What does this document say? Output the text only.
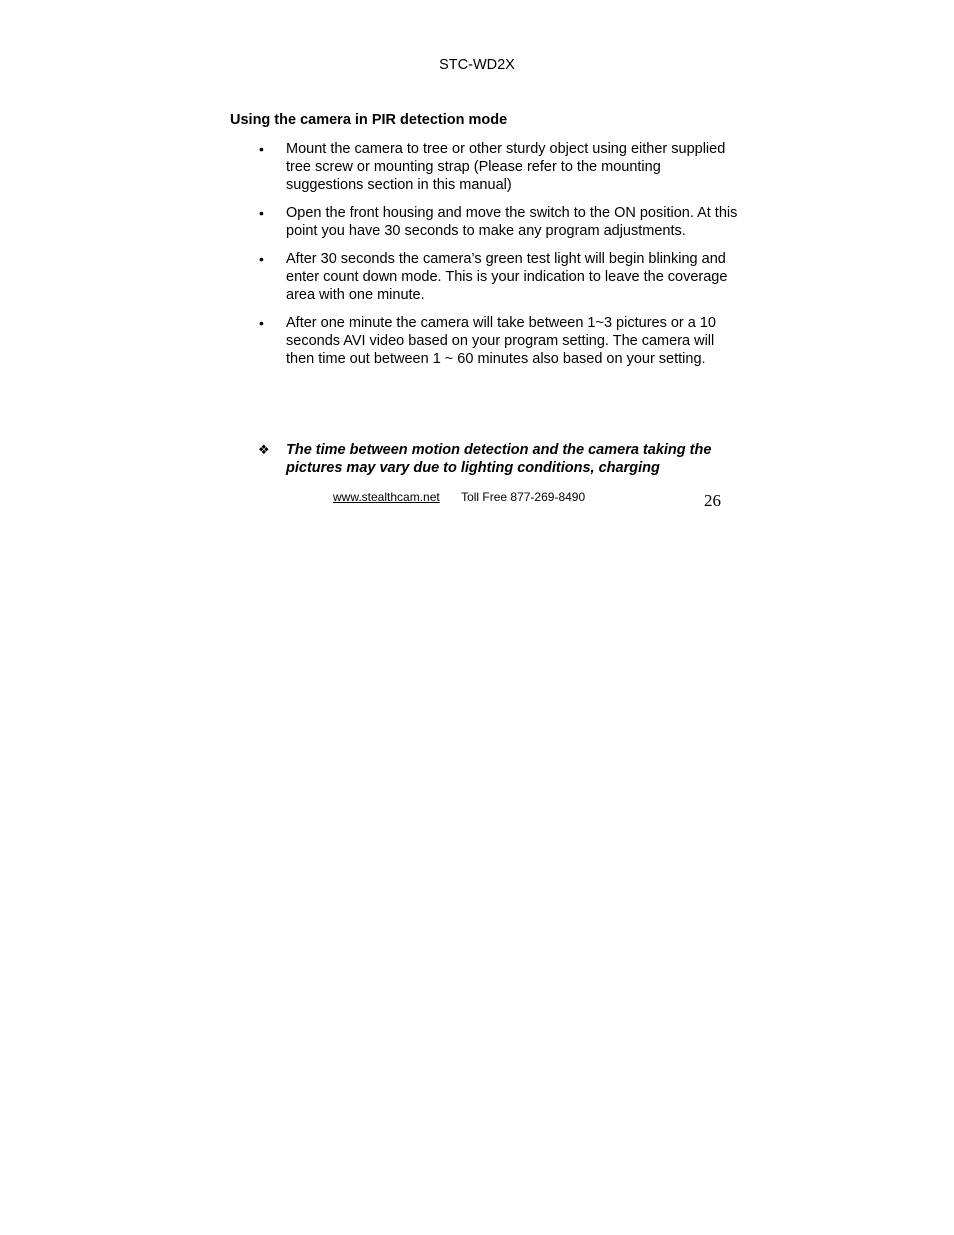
STC-WD2X
Using the camera in PIR detection mode
• Mount the camera to tree or other sturdy object using either supplied tree screw or mounting strap (Please refer to the mounting suggestions section in this manual)
• Open the front housing and move the switch to the ON position. At this point you have 30 seconds to make any program adjustments.
• After 30 seconds the camera’s green test light will begin blinking and enter count down mode. This is your indication to leave the coverage area with one minute.
• After one minute the camera will take between 1~3 pictures or a 10 seconds AVI video based on your program setting. The camera will then time out between 1 ~ 60 minutes also based on your setting.
❖	The time between motion detection and the camera taking the pictures may vary due to lighting conditions, charging
www.stealthcam.net Toll Free 877-269-8490	26
